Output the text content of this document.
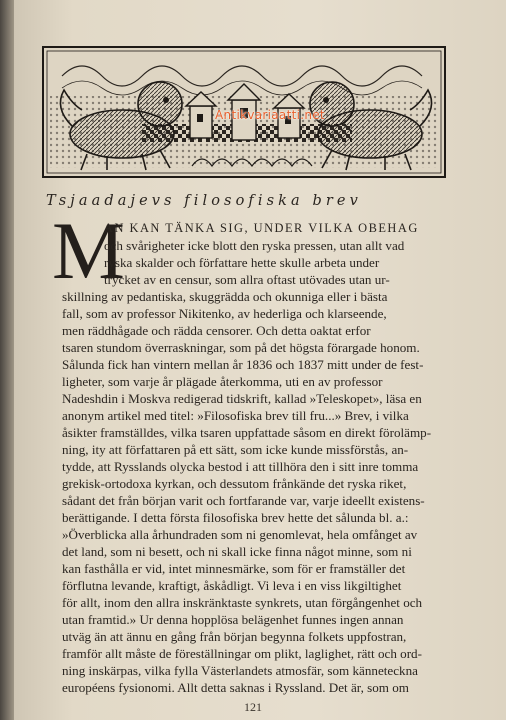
Antikvariaatti.net
Tsjaadajevs filosofiska brev
M
AN KAN TÄNKA SIG, UNDER VILKA OBEHAG
och svårigheter icke blott den ryska pressen, utan allt vad
ryska skalder och författare hette skulle arbeta under
trycket av en censur, som allra oftast utövades utan ur-
skillning av pedantiska, skuggrädda och okunniga eller i bästa
fall, som av professor Nikitenko, av hederliga och klarseende,
men räddhågade och rädda censorer. Och detta oaktat erfor
tsaren stundom överraskningar, som på det högsta förargade honom.
Sålunda fick han vintern mellan år 1836 och 1837 mitt under de fest-
ligheter, som varje år plägade återkomma, uti en av professor
Nadeshdin i Moskva redigerad tidskrift, kallad »Teleskopet», läsa en
anonym artikel med titel: »Filosofiska brev till fru...» Brev, i vilka
åsikter framställdes, vilka tsaren uppfattade såsom en direkt förolämp-
ning, ity att författaren på ett sätt, som icke kunde missförstås, an-
tydde, att Rysslands olycka bestod i att tillhöra den i sitt inre tomma
grekisk-ortodoxa kyrkan, och dessutom frånkände det ryska riket,
sådant det från början varit och fortfarande var, varje ideellt existens-
berättigande. I detta första filosofiska brev hette det sålunda bl. a.:
»Överblicka alla århundraden som ni genomlevat, hela omfånget av
det land, som ni besett, och ni skall icke finna något minne, som ni
kan fasthålla er vid, intet minnesmärke, som för er framställer det
förflutna levande, kraftigt, åskådligt. Vi leva i en viss likgiltighet
för allt, inom den allra inskränktaste synkrets, utan förgångenhet och
utan framtid.» Ur denna hopplösa belägenhet funnes ingen annan
utväg än att ännu en gång från början begynna folkets uppfostran,
framför allt måste de föreställningar om plikt, laglighet, rätt och ord-
ning inskärpas, vilka fylla Västerlandets atmosfär, som känneteckna
européens fysionomi. Allt detta saknas i Ryssland. Det är, som om
121
